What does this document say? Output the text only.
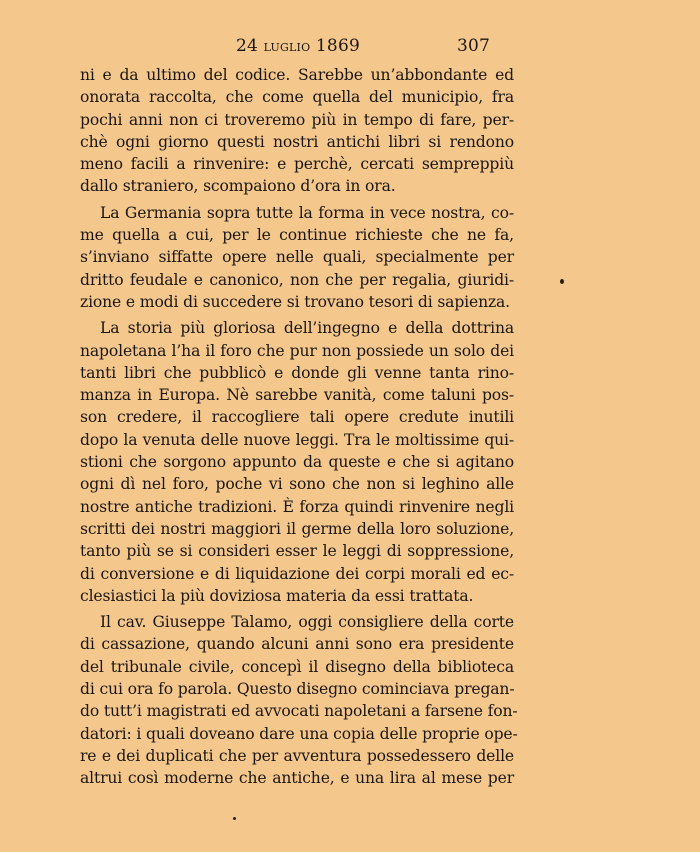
24 luglio 1869	307
ni e da ultimo del codice. Sarebbe un’abbondante ed
onorata raccolta, che come quella del municipio, fra
pochi anni non ci troveremo più in tempo di fare, per-
chè ogni giorno questi nostri antichi libri si rendono
meno facili a rinvenire: e perchè, cercati sempreppiù
dallo straniero, scompaiono d’ora in ora.
La Germania sopra tutte la forma in vece nostra, co-
me quella a cui, per le continue richieste che ne fa,
s’inviano siffatte opere nelle quali, specialmente per
dritto feudale e canonico, non che per regalia, giuridi-
zione e modi di succedere si trovano tesori di sapienza.
La storia più gloriosa dell’ingegno e della dottrina
napoletana l’ha il foro che pur non possiede un solo dei
tanti libri che pubblicò e donde gli venne tanta rino-
manza in Europa. Nè sarebbe vanità, come taluni pos-
son credere, il raccogliere tali opere credute inutili
dopo la venuta delle nuove leggi. Tra le moltissime qui-
stioni che sorgono appunto da queste e che si agitano
ogni dì nel foro, poche vi sono che non si leghino alle
nostre antiche tradizioni. È forza quindi rinvenire negli
scritti dei nostri maggiori il germe della loro soluzione,
tanto più se si consideri esser le leggi di soppressione,
di conversione e di liquidazione dei corpi morali ed ec-
clesiastici la più doviziosa materia da essi trattata.
Il cav. Giuseppe Talamo, oggi consigliere della corte
di cassazione, quando alcuni anni sono era presidente
del tribunale civile, concepì il disegno della biblioteca
di cui ora fo parola. Questo disegno cominciava pregan-
do tutt’i magistrati ed avvocati napoletani a farsene fon-
datori: i quali doveano dare una copia delle proprie ope-
re e dei duplicati che per avventura possedessero delle
altrui così moderne che antiche, e una lira al mese per
